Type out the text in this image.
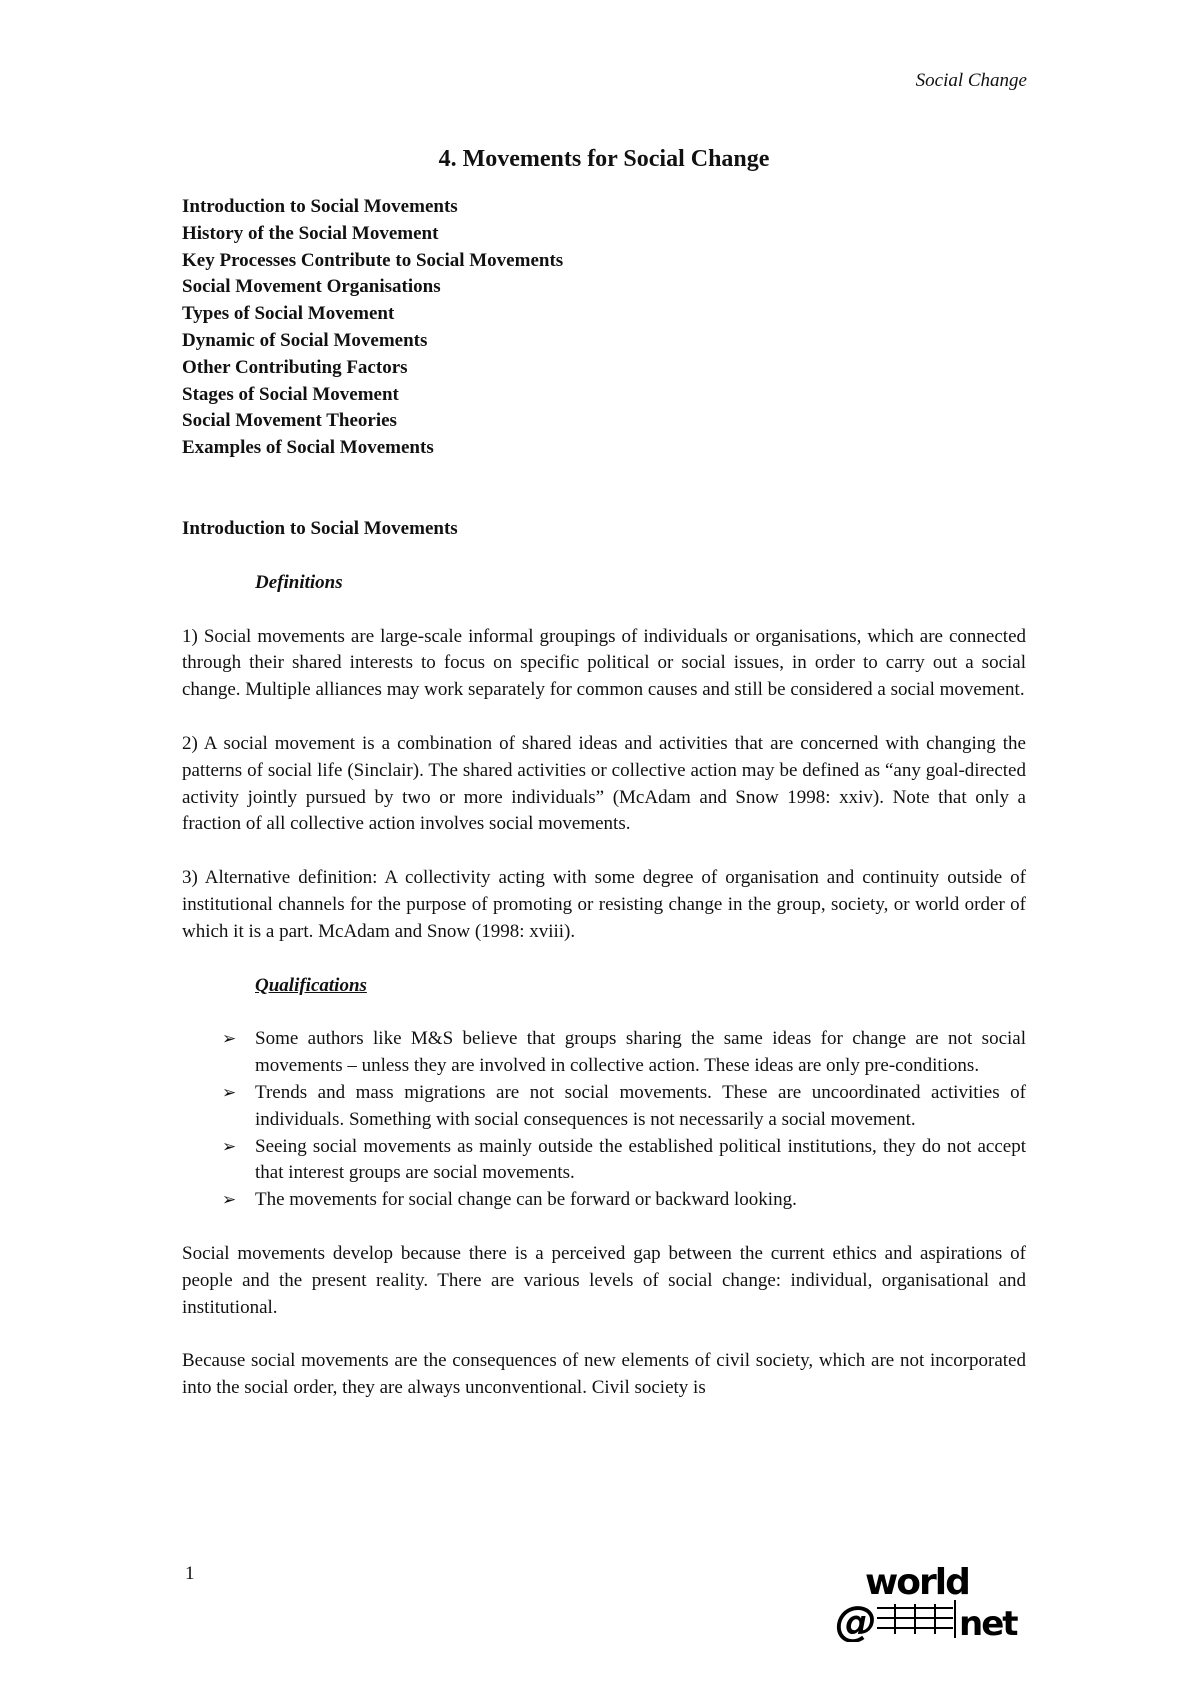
Social Change
4. Movements for Social Change
Introduction to Social Movements
History of the Social Movement
Key Processes Contribute to Social Movements
Social Movement Organisations
Types of Social Movement
Dynamic of Social Movements
Other Contributing Factors
Stages of Social Movement
Social Movement Theories
Examples of Social Movements
Introduction to Social Movements
Definitions

1) Social movements are large-scale informal groupings of individuals or organisations, which are connected through their shared interests to focus on specific political or social issues, in order to carry out a social change. Multiple alliances may work separately for common causes and still be considered a social movement.

2) A social movement is a combination of shared ideas and activities that are concerned with changing the patterns of social life (Sinclair). The shared activities or collective action may be defined as “any goal-directed activity jointly pursued by two or more individuals” (McAdam and Snow 1998: xxiv). Note that only a fraction of all collective action involves social movements.

3) Alternative definition: A collectivity acting with some degree of organisation and continuity outside of institutional channels for the purpose of promoting or resisting change in the group, society, or world order of which it is a part. McAdam and Snow (1998: xviii).

Qualifications
➢ Some authors like M&S believe that groups sharing the same ideas for change are not social movements – unless they are involved in collective action. These ideas are only pre-conditions.
➢ Trends and mass migrations are not social movements. These are uncoordinated activities of individuals. Something with social consequences is not necessarily a social movement.
➢ Seeing social movements as mainly outside the established political institutions, they do not accept that interest groups are social movements.
➢ The movements for social change can be forward or backward looking.

Social movements develop because there is a perceived gap between the current ethics and aspirations of people and the present reality. There are various levels of social change: individual, organisational and institutional.

Because social movements are the consequences of new elements of civil society, which are not incorporated into the social order, they are always unconventional. Civil society is

1	world
@ net
